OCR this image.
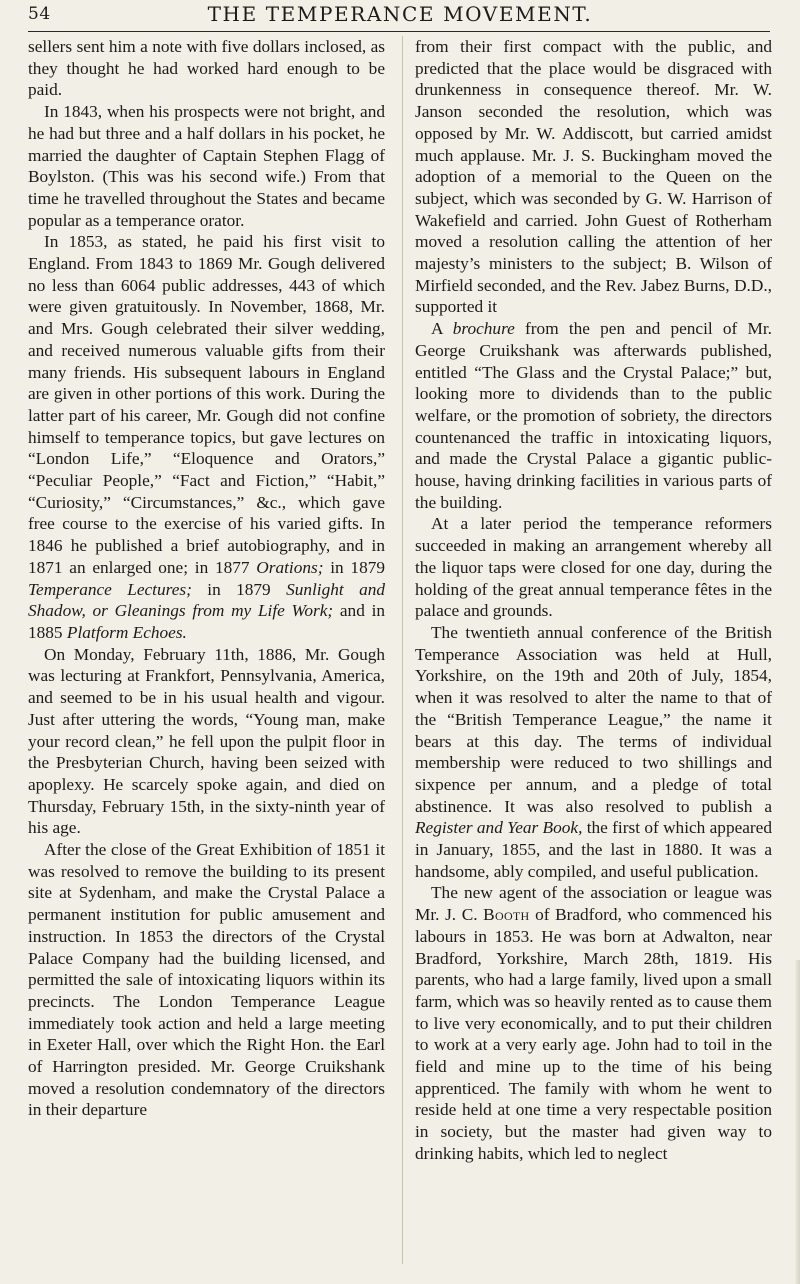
54	THE TEMPERANCE MOVEMENT.

sellers sent him a note with five dollars inclosed, as they thought he had worked hard enough to be paid.

In 1843, when his prospects were not bright, and he had but three and a half dollars in his pocket, he married the daughter of Captain Stephen Flagg of Boylston. (This was his second wife.) From that time he travelled throughout the States and became popular as a temperance orator.

In 1853, as stated, he paid his first visit to England. From 1843 to 1869 Mr. Gough delivered no less than 6064 public addresses, 443 of which were given gratuitously. In November, 1868, Mr. and Mrs. Gough celebrated their silver wedding, and received numerous valuable gifts from their many friends. His subsequent labours in England are given in other portions of this work. During the latter part of his career, Mr. Gough did not confine himself to temperance topics, but gave lectures on “London Life,” “Eloquence and Orators,” “Peculiar People,” “Fact and Fiction,” “Habit,” “Curiosity,” “Circumstances,” &c., which gave free course to the exercise of his varied gifts. In 1846 he published a brief autobiography, and in 1871 an enlarged one; in 1877 Orations; in 1879 Temperance Lectures; in 1879 Sunlight and Shadow, or Gleanings from my Life Work; and in 1885 Platform Echoes.

On Monday, February 11th, 1886, Mr. Gough was lecturing at Frankfort, Pennsylvania, America, and seemed to be in his usual health and vigour. Just after uttering the words, “Young man, make your record clean,” he fell upon the pulpit floor in the Presbyterian Church, having been seized with apoplexy. He scarcely spoke again, and died on Thursday, February 15th, in the sixty-ninth year of his age.

After the close of the Great Exhibition of 1851 it was resolved to remove the building to its present site at Sydenham, and make the Crystal Palace a permanent institution for public amusement and instruction. In 1853 the directors of the Crystal Palace Company had the building licensed, and permitted the sale of intoxicating liquors within its precincts. The London Temperance League immediately took action and held a large meeting in Exeter Hall, over which the Right Hon. the Earl of Harrington presided. Mr. George Cruikshank moved a resolution condemnatory of the directors in their departure

from their first compact with the public, and predicted that the place would be disgraced with drunkenness in consequence thereof. Mr. W. Janson seconded the resolution, which was opposed by Mr. W. Addiscott, but carried amidst much applause. Mr. J. S. Buckingham moved the adoption of a memorial to the Queen on the subject, which was seconded by G. W. Harrison of Wakefield and carried. John Guest of Rotherham moved a resolution calling the attention of her majesty’s ministers to the subject; B. Wilson of Mirfield seconded, and the Rev. Jabez Burns, D.D., supported it

A brochure from the pen and pencil of Mr. George Cruikshank was afterwards published, entitled “The Glass and the Crystal Palace;” but, looking more to dividends than to the public welfare, or the promotion of sobriety, the directors countenanced the traffic in intoxicating liquors, and made the Crystal Palace a gigantic public-house, having drinking facilities in various parts of the building.

At a later period the temperance reformers succeeded in making an arrangement whereby all the liquor taps were closed for one day, during the holding of the great annual temperance fêtes in the palace and grounds.

The twentieth annual conference of the British Temperance Association was held at Hull, Yorkshire, on the 19th and 20th of July, 1854, when it was resolved to alter the name to that of the “British Temperance League,” the name it bears at this day. The terms of individual membership were reduced to two shillings and sixpence per annum, and a pledge of total abstinence. It was also resolved to publish a Register and Year Book, the first of which appeared in January, 1855, and the last in 1880. It was a handsome, ably compiled, and useful publication.

The new agent of the association or league was Mr. J. C. Booth of Bradford, who commenced his labours in 1853. He was born at Adwalton, near Bradford, Yorkshire, March 28th, 1819. His parents, who had a large family, lived upon a small farm, which was so heavily rented as to cause them to live very economically, and to put their children to work at a very early age. John had to toil in the field and mine up to the time of his being apprenticed. The family with whom he went to reside held at one time a very respectable position in society, but the master had given way to drinking habits, which led to neglect
